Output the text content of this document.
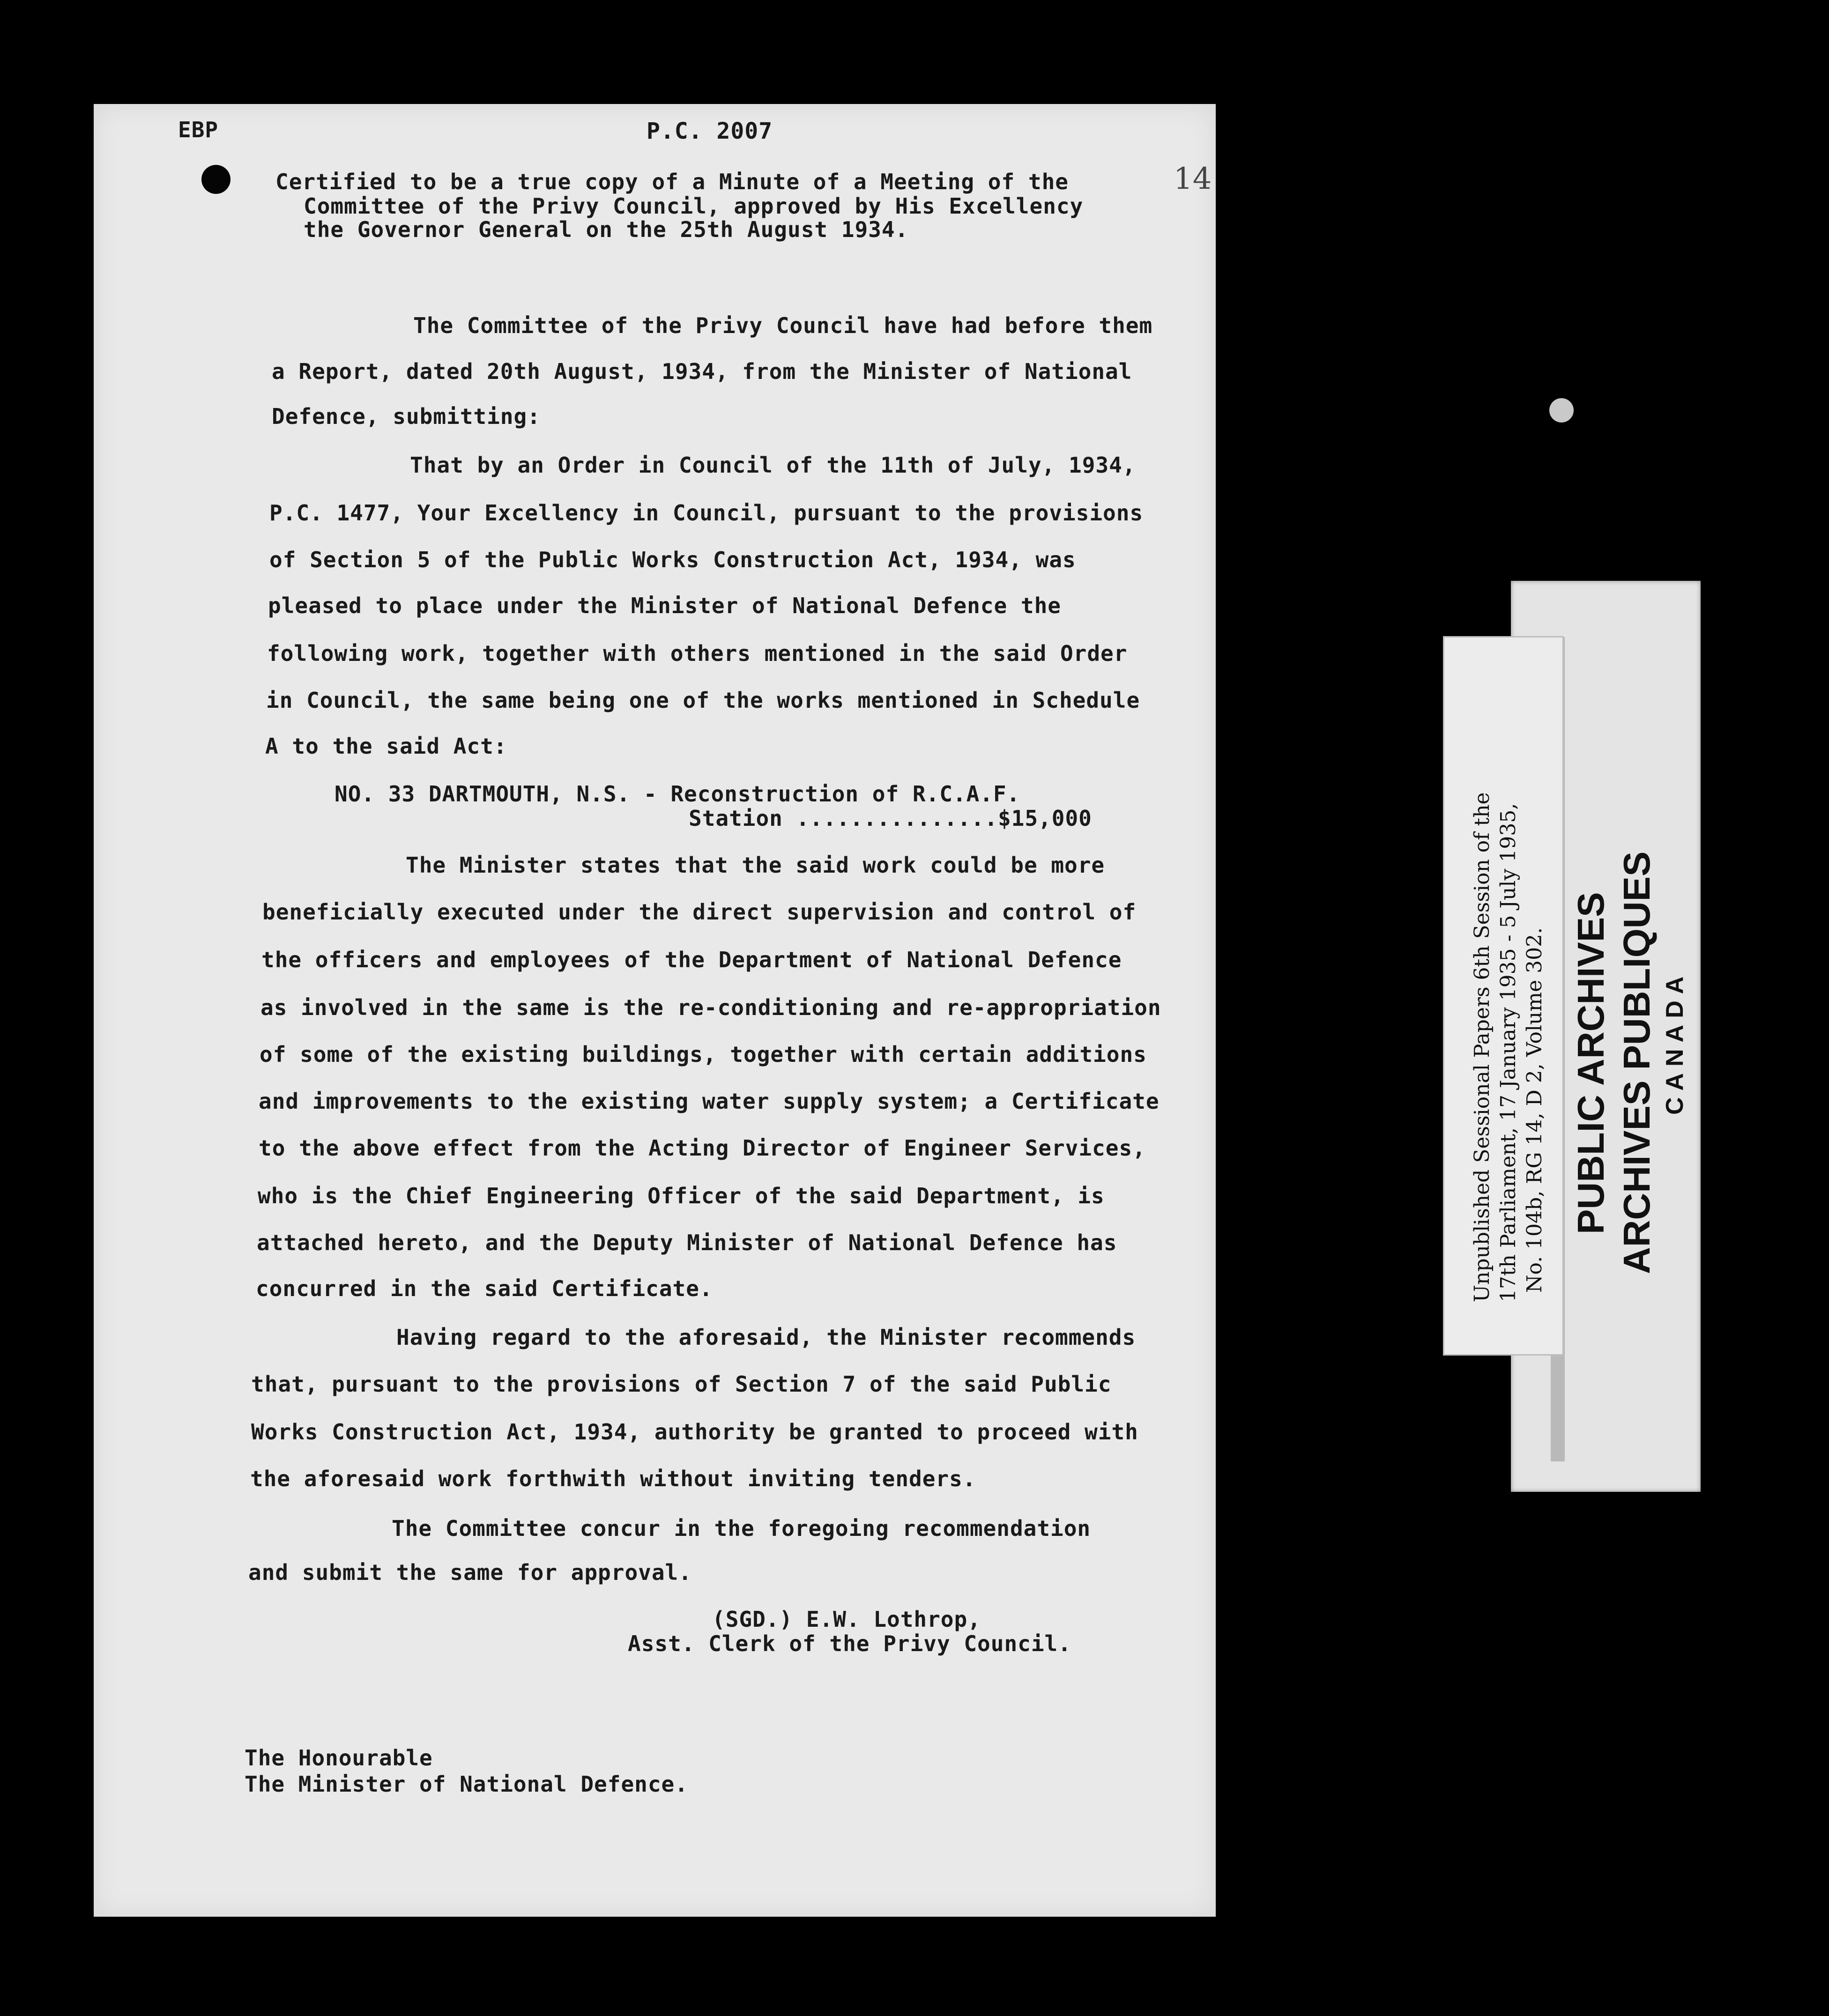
EBP	P.C. 2007
14
Certified to be a true copy of a Minute of a Meeting of the
Committee of the Privy Council, approved by His Excellency
the Governor General on the 25th August 1934.
The Committee of the Privy Council have had before them
a Report, dated 20th August, 1934, from the Minister of National
Defence, submitting:
That by an Order in Council of the 11th of July, 1934,
P.C. 1477, Your Excellency in Council, pursuant to the provisions
of Section 5 of the Public Works Construction Act, 1934, was
pleased to place under the Minister of National Defence the
following work, together with others mentioned in the said Order
in Council, the same being one of the works mentioned in Schedule
A to the said Act:
NO. 33 DARTMOUTH, N.S. - Reconstruction of R.C.A.F.
Station ...............$15,000
The Minister states that the said work could be more
beneficially executed under the direct supervision and control of
the officers and employees of the Department of National Defence
as involved in the same is the re-conditioning and re-appropriation
of some of the existing buildings, together with certain additions
and improvements to the existing water supply system; a Certificate
to the above effect from the Acting Director of Engineer Services,
who is the Chief Engineering Officer of the said Department, is
attached hereto, and the Deputy Minister of National Defence has
concurred in the said Certificate.
Having regard to the aforesaid, the Minister recommends
that, pursuant to the provisions of Section 7 of the said Public
Works Construction Act, 1934, authority be granted to proceed with
the aforesaid work forthwith without inviting tenders.
The Committee concur in the foregoing recommendation
and submit the same for approval.
(SGD.) E.W. Lothrop,
Asst. Clerk of the Privy Council.
The Honourable
The Minister of National Defence.
Unpublished Sessional Papers 6th Session of the 17th Parliament, 17 January 1935 - 5 July 1935, No. 104b, RG 14, D 2, Volume 302. PUBLIC ARCHIVES ARCHIVES PUBLIQUES CANADA
